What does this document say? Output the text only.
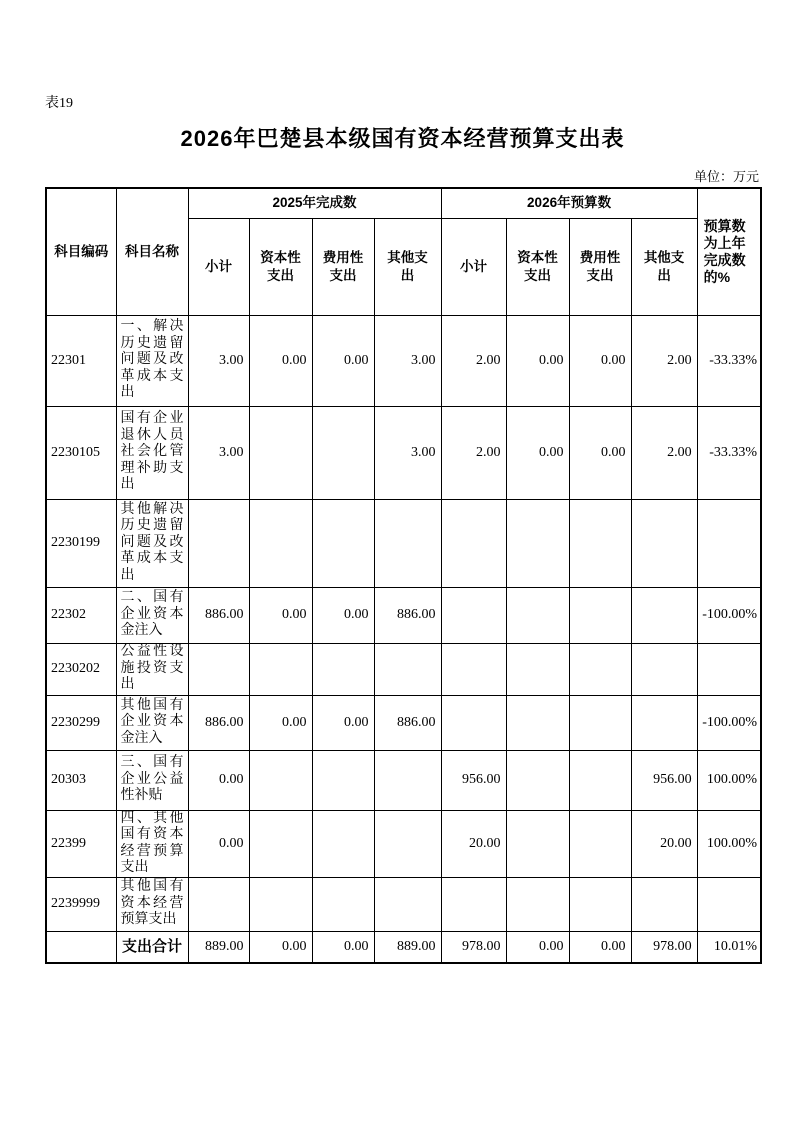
表19
2026年巴楚县本级国有资本经营预算支出表
单位：万元
科目编码	科目名称	2025年完成数				2026年预算数				预算数为上年完成数的%
		小计	资本性支出	费用性支出	其他支出	小计	资本性支出	费用性支出	其他支出	
22301	一、解决历史遗留问题及改革成本支出	3.00	0.00	0.00	3.00	2.00	0.00	0.00	2.00	-33.33%
2230105	国有企业退休人员社会化管理补助支出	3.00			3.00	2.00	0.00	0.00	2.00	-33.33%
2230199	其他解决历史遗留问题及改革成本支出									
22302	二、国有企业资本金注入	886.00	0.00	0.00	886.00					-100.00%
2230202	公益性设施投资支出									
2230299	其他国有企业资本金注入	886.00	0.00	0.00	886.00					-100.00%
20303	三、国有企业公益性补贴	0.00				956.00			956.00	100.00%
22399	四、其他国有资本经营预算支出	0.00				20.00			20.00	100.00%
2239999	其他国有资本经营预算支出									
	支出合计	889.00	0.00	0.00	889.00	978.00	0.00	0.00	978.00	10.01%
